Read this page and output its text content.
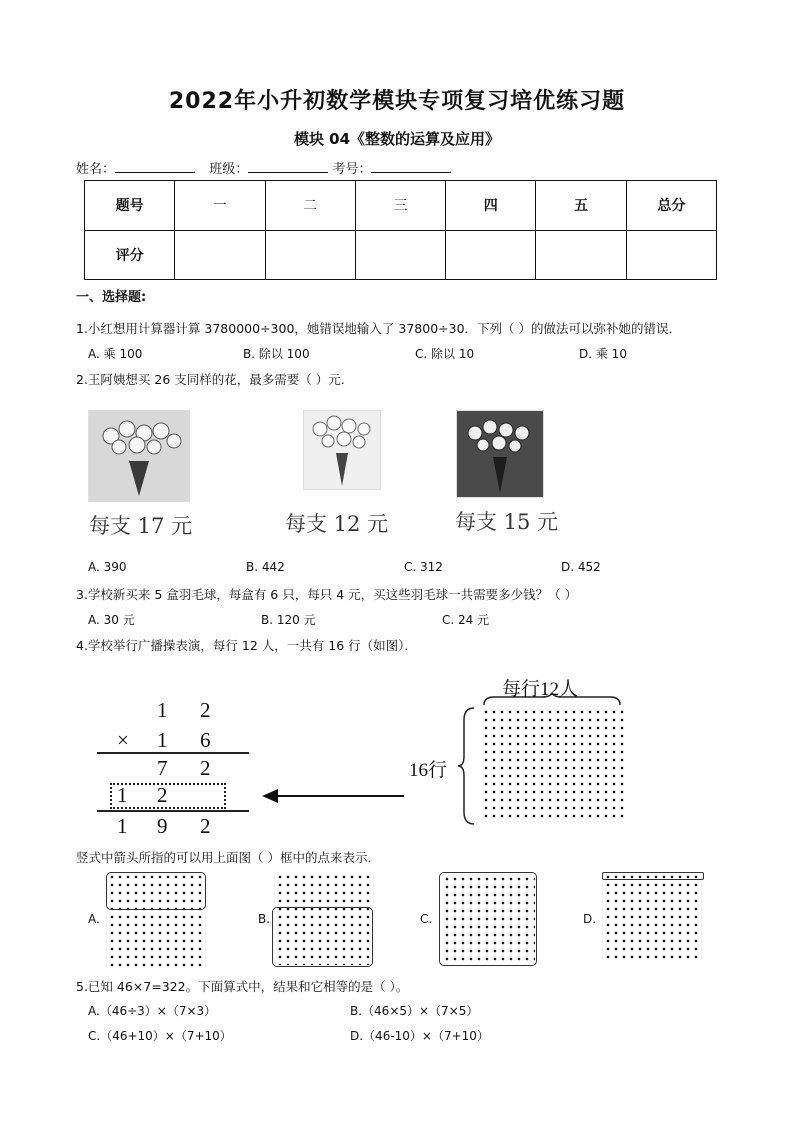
2022年小升初数学模块专项复习培优练习题
模块 04《整数的运算及应用》
姓名：	班级：	考号：
题号	一	二	三	四	五	总分
评分						
一、选择题:
1.小红想用计算器计算 3780000÷300，她错误地输入了 37800÷30．下列（ ）的做法可以弥补她的错误．
A. 乘 100	B. 除以 100	C. 除以 10	D. 乘 10
2.王阿姨想买 26 支同样的花，最多需要（ ）元．
每支 17 元	每支 12 元	每支 15 元
A. 390	B. 442	C. 312	D. 452
3.学校新买来 5 盒羽毛球，每盒有 6 只，每只 4 元，买这些羽毛球一共需要多少钱？（ ）
A. 30 元	B. 120 元	C. 24 元
4.学校举行广播操表演，每行 12 人，一共有 16 行（如图）．
1 2
× 1 6
7 2
1 2
1 9 2
每行12人
16行
竖式中箭头所指的可以用上面图（ ）框中的点来表示．
A.	B.	C.	D.
5.已知 46×7=322。下面算式中，结果和它相等的是（ ）。
A.（46÷3）×（7×3）	B.（46×5）×（7×5）
C.（46+10）×（7+10）	D.（46-10）×（7+10）
